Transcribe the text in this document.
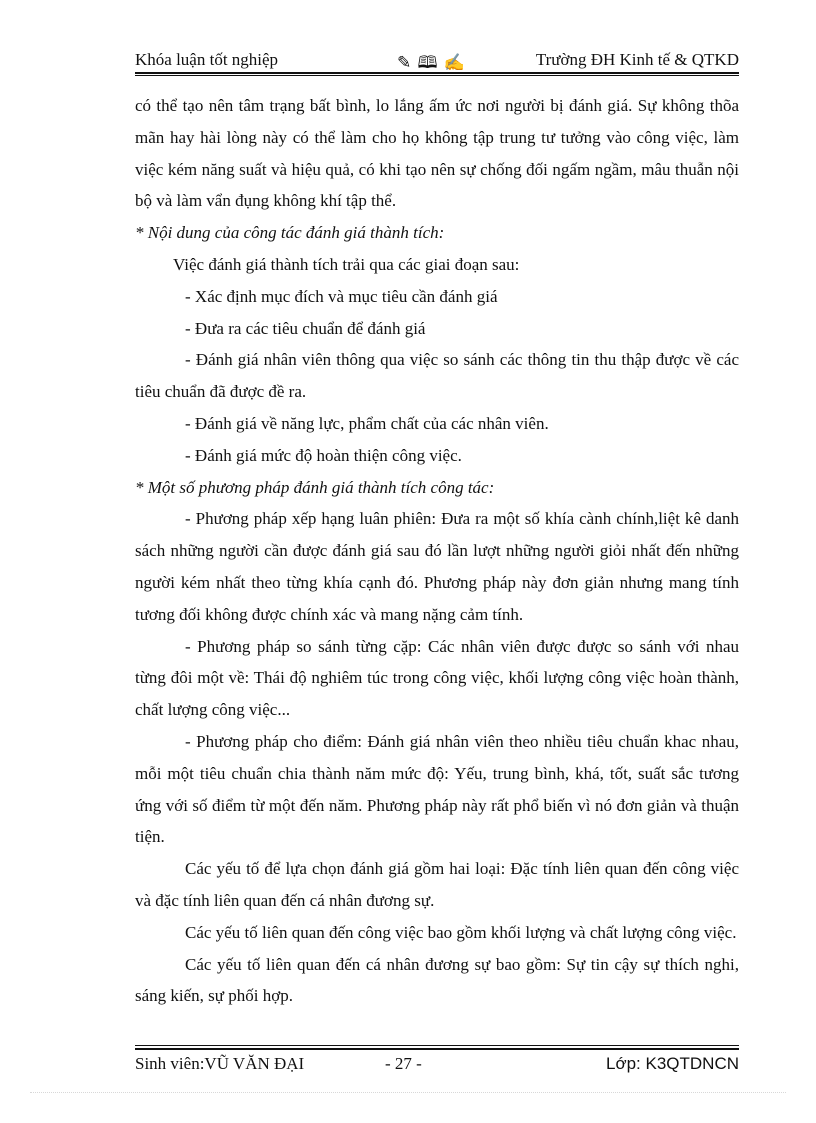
Khóa luận tốt nghiệp	✎ 🕮 ✍	Trường ĐH Kinh tế & QTKD

có thể tạo nên tâm trạng bất bình, lo lắng ấm ức nơi người bị đánh giá. Sự không thõa mãn hay hài lòng này có thể làm cho họ không tập trung tư tưởng vào công việc, làm việc kém năng suất và hiệu quả, có khi tạo nên sự chống đối ngấm ngầm, mâu thuẫn nội bộ và làm vẩn đụng không khí tập thể.

* Nội dung của công tác đánh giá thành tích:

Việc đánh giá thành tích trải qua các giai đoạn sau:

- Xác định mục đích và mục tiêu cần đánh giá

- Đưa ra các tiêu chuẩn để đánh giá

- Đánh giá nhân viên thông qua việc so sánh các thông tin thu thập được về các tiêu chuẩn đã được đề ra.

- Đánh giá về năng lực, phẩm chất của các nhân viên.

- Đánh giá mức độ hoàn thiện công việc.

* Một số phương pháp đánh giá thành tích công tác:

- Phương pháp xếp hạng luân phiên: Đưa ra một số khía cành chính,liệt kê danh sách những người cần được đánh giá sau đó lần lượt những người giỏi nhất đến những người kém nhất theo từng khía cạnh đó. Phương pháp này đơn giản nhưng mang tính tương đối không được chính xác và mang nặng cảm tính.

- Phương pháp so sánh từng cặp: Các nhân viên được được so sánh với nhau từng đôi một về: Thái độ nghiêm túc trong công việc, khối lượng công việc hoàn thành, chất lượng công việc...

- Phương pháp cho điểm: Đánh giá nhân viên theo nhiều tiêu chuẩn khac nhau, mỗi một tiêu chuẩn chia thành năm mức độ: Yếu, trung bình, khá, tốt, suất sắc tương ứng với số điểm từ một đến năm. Phương pháp này rất phổ biến vì nó đơn giản và thuận tiện.

Các yếu tố để lựa chọn đánh giá gồm hai loại: Đặc tính liên quan đến công việc và đặc tính liên quan đến cá nhân đương sự.

Các yếu tố liên quan đến công việc bao gồm khối lượng và chất lượng công việc.

Các yếu tố liên quan đến cá nhân đương sự bao gồm: Sự tin cậy sự thích nghi, sáng kiến, sự phối hợp.

Sinh viên:VŨ VĂN ĐẠI	- 27 -	Lớp: K3QTDNCN
